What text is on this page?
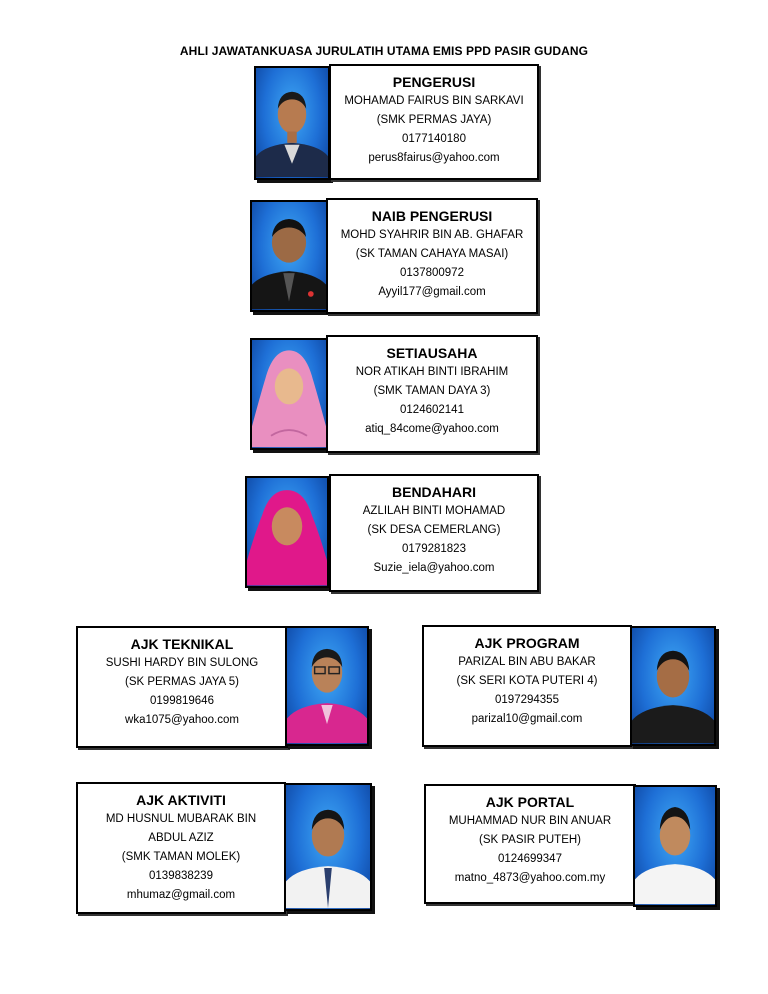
AHLI JAWATANKUASA JURULATIH UTAMA EMIS PPD PASIR GUDANG
PENGERUSI
MOHAMAD FAIRUS BIN SARKAVI
(SMK PERMAS JAYA)
0177140180
perus8fairus@yahoo.com
NAIB PENGERUSI
MOHD SYAHRIR BIN AB. GHAFAR
(SK TAMAN CAHAYA MASAI)
0137800972
Ayyil177@gmail.com
SETIAUSAHA
NOR ATIKAH BINTI IBRAHIM
(SMK TAMAN DAYA 3)
0124602141
atiq_84come@yahoo.com
BENDAHARI
AZLILAH BINTI MOHAMAD
(SK DESA CEMERLANG)
0179281823
Suzie_iela@yahoo.com
AJK TEKNIKAL
SUSHI HARDY BIN SULONG
(SK PERMAS JAYA 5)
0199819646
wka1075@yahoo.com
AJK PROGRAM
PARIZAL BIN ABU BAKAR
(SK SERI KOTA PUTERI 4)
0197294355
parizal10@gmail.com
AJK AKTIVITI
MD HUSNUL MUBARAK BIN
ABDUL AZIZ
(SMK TAMAN MOLEK)
0139838239
mhumaz@gmail.com
AJK PORTAL
MUHAMMAD NUR BIN ANUAR
(SK PASIR PUTEH)
0124699347
matno_4873@yahoo.com.my
